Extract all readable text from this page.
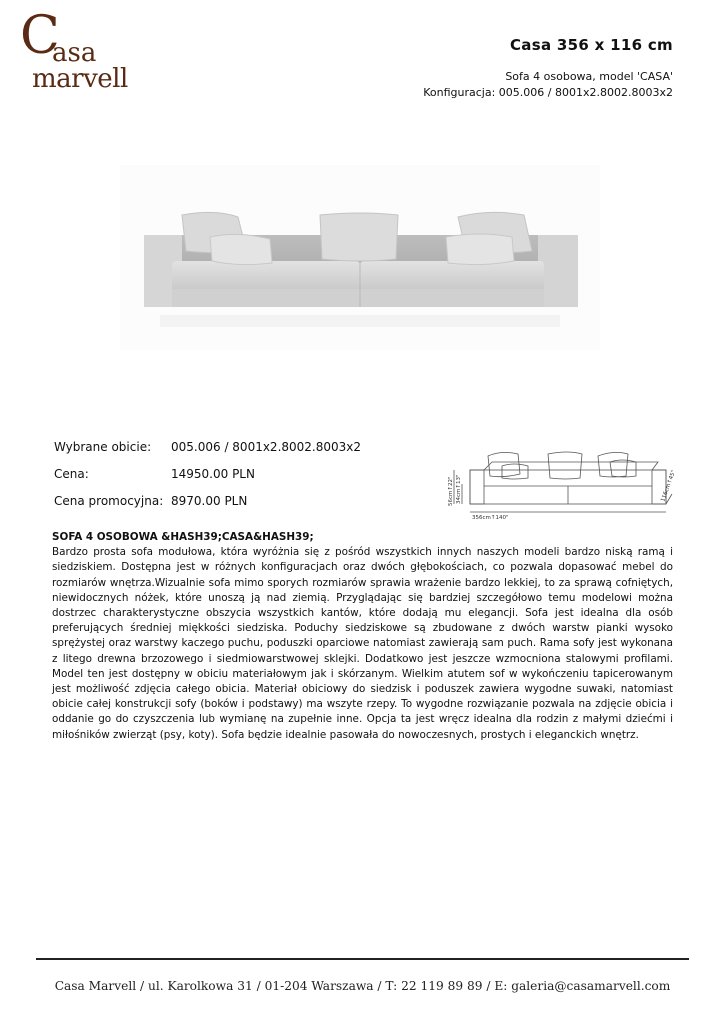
C
asa
marvell
Casa 356 x 116 cm
Sofa 4 osobowa, model 'CASA'
Konfiguracja: 005.006 / 8001x2.8002.8003x2
Wybrane obicie: 005.006 / 8001x2.8002.8003x2
Cena:	14950.00 PLN
Cena promocyjna: 8970.00 PLN	56cm↑22" 34cm↑13"	116cm↑45"
356cm↑140"
SOFA 4 OSOBOWA &HASH39;CASA&HASH39;
Bardzo prosta sofa modułowa, która wyróżnia się z pośród wszystkich innych naszych modeli bardzo niską ramą i siedziskiem. Dostępna jest w różnych konfiguracjach oraz dwóch głębokościach, co pozwala dopasować mebel do rozmiarów wnętrza.Wizualnie sofa mimo sporych rozmiarów sprawia wrażenie bardzo lekkiej, to za sprawą cofniętych, niewidocznych nóżek, które unoszą ją nad ziemią. Przyglądając się bardziej szczegółowo temu modelowi można dostrzec charakterystyczne obszycia wszystkich kantów, które dodają mu elegancji. Sofa jest idealna dla osób preferujących średniej miękkości siedziska. Poduchy siedziskowe są zbudowane z dwóch warstw pianki wysoko sprężystej oraz warstwy kaczego puchu, poduszki oparciowe natomiast zawierają sam puch. Rama sofy jest wykonana z litego drewna brzozowego i siedmiowarstwowej sklejki. Dodatkowo jest jeszcze wzmocniona stalowymi profilami. Model ten jest dostępny w obiciu materiałowym jak i skórzanym. Wielkim atutem sof w wykończeniu tapicerowanym jest możliwość zdjęcia całego obicia. Materiał obiciowy do siedzisk i poduszek zawiera wygodne suwaki, natomiast obicie całej konstrukcji sofy (boków i podstawy) ma wszyte rzepy. To wygodne rozwiązanie pozwala na zdjęcie obicia i oddanie go do czyszczenia lub wymianę na zupełnie inne. Opcja ta jest wręcz idealna dla rodzin z małymi dziećmi i miłośników zwierząt (psy, koty). Sofa będzie idealnie pasowała do nowoczesnych, prostych i eleganckich wnętrz.
Casa Marvell / ul. Karolkowa 31 / 01-204 Warszawa / T: 22 119 89 89 / E: galeria@casamarvell.com
